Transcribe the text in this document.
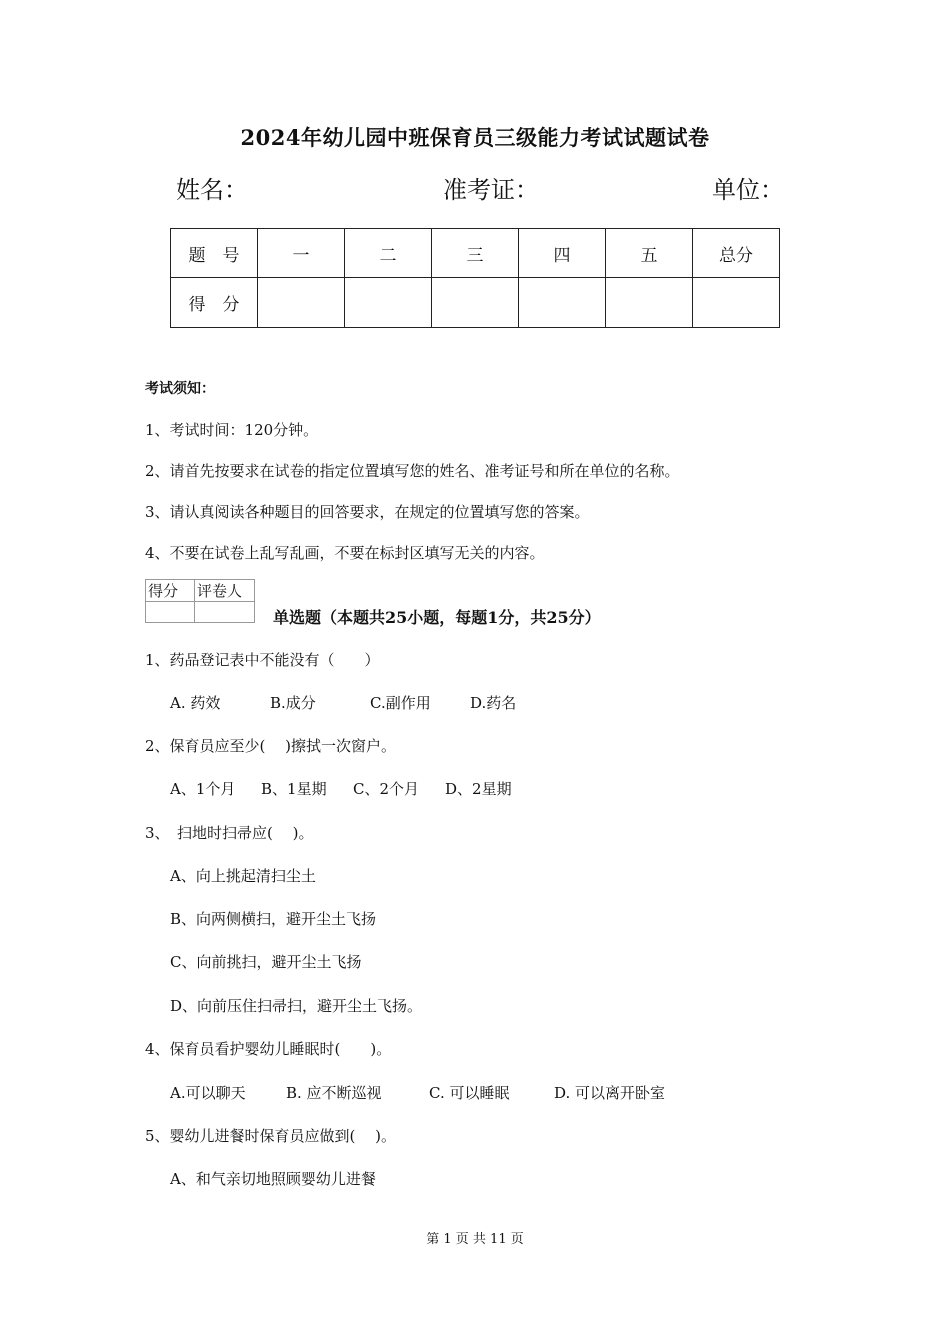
2024年幼儿园中班保育员三级能力考试试题试卷
姓名：	准考证：	单位：
题　号	一	二	三	四	五	总分
得　分						
考试须知：
1、考试时间：120分钟。
2、请首先按要求在试卷的指定位置填写您的姓名、准考证号和所在单位的名称。
3、请认真阅读各种题目的回答要求，在规定的位置填写您的答案。
4、不要在试卷上乱写乱画，不要在标封区填写无关的内容。
得分	评卷人

单选题（本题共25小题，每题1分，共25分）
1、药品登记表中不能没有（　　）
A. 药效	B.成分	C.副作用	D.药名
2、保育员应至少(　 )擦拭一次窗户。
A、1个月 B、1星期 C、2个月 D、2星期
3、　扫地时扫帚应(　 )。
A、向上挑起清扫尘土
B、向两侧横扫，避开尘土飞扬
C、向前挑扫，避开尘土飞扬
D、向前压住扫帚扫，避开尘土飞扬。
4、保育员看护婴幼儿睡眠时(　　)。
A.可以聊天	B. 应不断巡视	C. 可以睡眠	D. 可以离开卧室
5、婴幼儿进餐时保育员应做到(　 )。
A、和气亲切地照顾婴幼儿进餐
第 1 页 共 11 页
